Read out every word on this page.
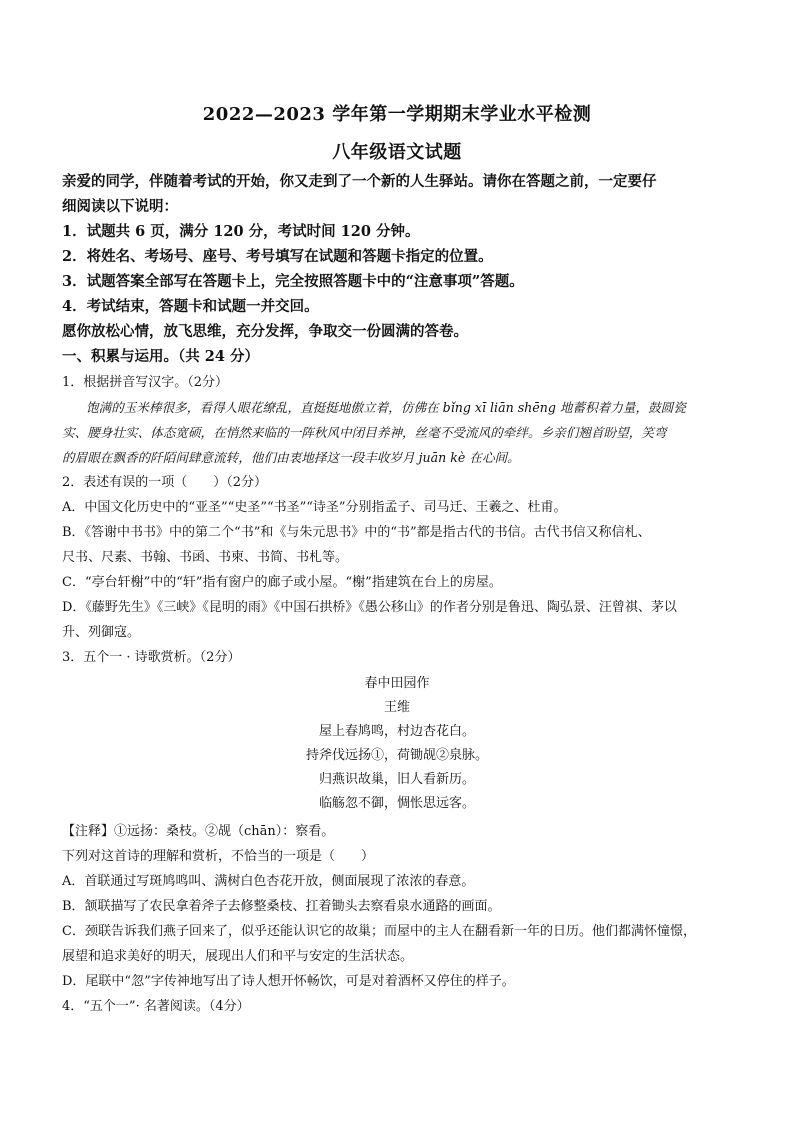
2022—2023 学年第一学期期末学业水平检测
八年级语文试题
亲爱的同学，伴随着考试的开始，你又走到了一个新的人生驿站。请你在答题之前，一定要仔
细阅读以下说明：
1．试题共 6 页，满分 120 分，考试时间 120 分钟。
2．将姓名、考场号、座号、考号填写在试题和答题卡指定的位置。
3．试题答案全部写在答题卡上，完全按照答题卡中的“注意事项”答题。
4．考试结束，答题卡和试题一并交回。
愿你放松心情，放飞思维，充分发挥，争取交一份圆满的答卷。
一、积累与运用。（共 24 分）
1．根据拼音写汉字。（2分）
饱满的玉米棒很多，看得人眼花缭乱，直挺挺地傲立着，仿佛在 bǐng xī liān shēng 地蓄积着力量，鼓圆瓷
实、腰身壮实、体态宽硕，在悄然来临的一阵秋风中闭目养神，丝毫不受流风的牵绊。乡亲们翘首盼望，笑弯
的眉眼在飘香的阡陌间肆意流转，他们由衷地择这一段丰收岁月 juān kè 在心间。
2．表述有误的一项（　　）（2分）
A．中国文化历史中的“亚圣”“史圣”“书圣”“诗圣”分别指孟子、司马迁、王羲之、杜甫。
B．《答谢中书书》中的第二个“书”和《与朱元思书》中的“书”都是指古代的书信。古代书信又称信札、
尺书、尺素、书翰、书函、书柬、书简、书札等。
C．“亭台轩榭”中的“轩”指有窗户的廊子或小屋。“榭”指建筑在台上的房屋。
D．《藤野先生》《三峡》《昆明的雨》《中国石拱桥》《愚公移山》的作者分别是鲁迅、陶弘景、汪曾祺、茅以
升、列御寇。
3．五个一 · 诗歌赏析。（2分）
春中田园作
王维
屋上春鸠鸣，村边杏花白。
持斧伐远扬①，荷锄觇②泉脉。
归燕识故巢，旧人看新历。
临觞忽不御，惆怅思远客。
【注释】①远扬：桑枝。②觇（chān）：察看。
下列对这首诗的理解和赏析，不恰当的一项是（　　）
A．首联通过写斑鸠鸣叫、满树白色杏花开放，侧面展现了浓浓的春意。
B．颔联描写了农民拿着斧子去修整桑枝、扛着锄头去察看泉水通路的画面。
C．颈联告诉我们燕子回来了，似乎还能认识它的故巢；而屋中的主人在翻看新一年的日历。他们都满怀憧憬，
展望和追求美好的明天，展现出人们和平与安定的生活状态。
D．尾联中“忽”字传神地写出了诗人想开怀畅饮，可是对着酒杯又停住的样子。
4．“五个一”· 名著阅读。（4分）
